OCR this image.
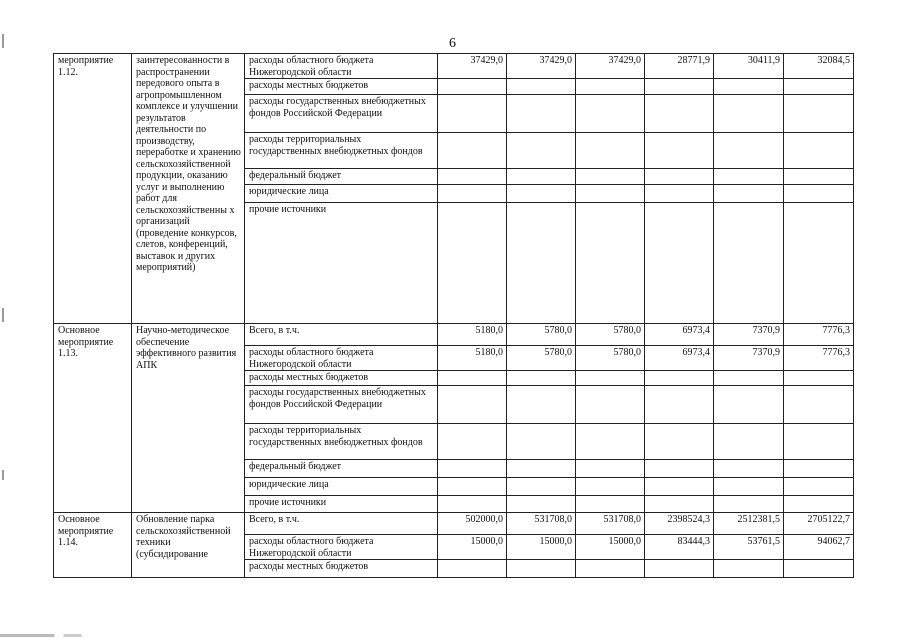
6
мероприятие 1.12.	заинтересованности в распространении передового опыта в агропромышленном комплексе и улучшении результатов деятельности по производству, переработке и хранению сельскохозяйственной продукции, оказанию услуг и выполнению работ для сельскохозяйственны х организаций (проведение конкурсов, слетов, конференций, выставок и других мероприятий)	расходы областного бюджета Нижегородской области	37429,0	37429,0	37429,0	28771,9	30411,9	32084,5
		расходы местных бюджетов						
		расходы государственных внебюджетных фондов Российской Федерации						
		расходы территориальных государственных внебюджетных фондов						
		федеральный бюджет						
		юридические лица						
		прочие источники						
Основное мероприятие 1.13.	Научно-методическое обеспечение эффективного развития АПК	Всего, в т.ч.	5180,0	5780,0	5780,0	6973,4	7370,9	7776,3
		расходы областного бюджета Нижегородской области	5180,0	5780,0	5780,0	6973,4	7370,9	7776,3
		расходы местных бюджетов						
		расходы государственных внебюджетных фондов Российской Федерации						
		расходы территориальных государственных внебюджетных фондов						
		федеральный бюджет						
		юридические лица						
		прочие источники						
Основное мероприятие 1.14.	Обновление парка сельскохозяйственной техники (субсидирование	Всего, в т.ч.	502000,0	531708,0	531708,0	2398524,3	2512381,5	2705122,7
		расходы областного бюджета Нижегородской области	15000,0	15000,0	15000,0	83444,3	53761,5	94062,7
		расходы местных бюджетов						
